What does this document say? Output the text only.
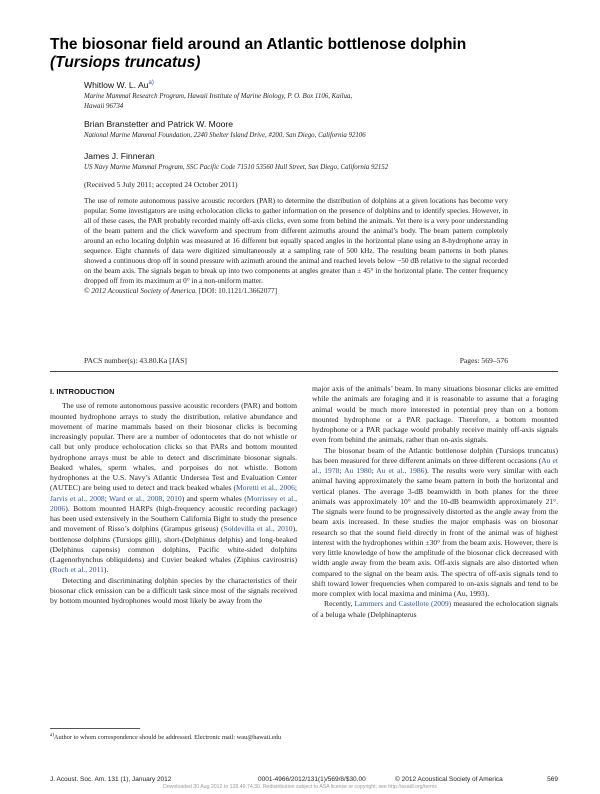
The biosonar field around an Atlantic bottlenose dolphin
(Tursiops truncatus)
Whitlow W. L. Au$^{a)}$
Marine Mammal Research Program, Hawaii Institute of Marine Biology, P. O. Box 1106, Kailua,
Hawaii 96734
Brian Branstetter and Patrick W. Moore
National Marine Mammal Foundation, 2240 Shelter Island Drive, #200, San Diego, California 92106
James J. Finneran
US Navy Marine Mammal Program, SSC Pacific Code 71510 53560 Hull Street, San Diego, California 92152
(Received 5 July 2011; accepted 24 October 2011)
The use of remote autonomous passive acoustic recorders (PAR) to determine the distribution of dolphins at a given locations has become very popular. Some investigators are using echolocation clicks to gather information on the presence of dolphins and to identify species. However, in all of these cases, the PAR probably recorded mainly off-axis clicks, even some from behind the animals. Yet there is a very poor understanding of the beam pattern and the click waveform and spectrum from different azimuths around the animal’s body. The beam pattern completely around an echo locating dolphin was measured at 16 different but equally spaced angles in the horizontal plane using an 8-hydrophone array in sequence. Eight channels of data were digitized simultaneously at a sampling rate of 500 kHz. The resulting beam patterns in both planes showed a continuous drop off in sound pressure with azimuth around the animal and reached levels below −50 dB relative to the signal recorded on the beam axis. The signals began to break up into two components at angles greater than ± 45° in the horizontal plane. The center frequency dropped off from its maximum at 0° in a non-uniform matter.
© 2012 Acoustical Society of America. [DOI: 10.1121/1.3662077]
PACS number(s): 43.80.Ka [JAS]	Pages: 569–576

I. INTRODUCTION

The use of remote autonomous passive acoustic recorders (PAR) and bottom mounted hydrophone arrays to study the distribution, relative abundance and movement of marine mammals based on their biosonar clicks is becoming increasingly popular. There are a number of odontocetes that do not whistle or call but only produce echolocation clicks so that PARs and bottom mounted hydrophone arrays must be able to detect and discriminate biosonar signals. Beaked whales, sperm whales, and porpoises do not whistle. Bottom hydrophones at the U.S. Navy’s Atlantic Undersea Test and Evaluation Center (AUTEC) are being used to detect and track beaked whales (Moretti et al., 2006; Jarvis et al., 2008; Ward et al., 2008, 2010) and sperm whales (Morrissey et al., 2006). Bottom mounted HARPs (high-frequency acoustic recording package) has been used extensively in the Southern California Bight to study the presence and movement of Risso’s dolphins (Grampus griseus) (Soldevilla et al., 2010), bottlenose dolphins (Tursiops gilli), short-(Delphinus delphis) and long-beaked (Delphinus capensis) common dolphins, Pacific white-sided dolphins (Lagenorhynchus obliquidens) and Cuvier beaked whales (Ziphius cavirostris) (Roch et al., 2011).

Detecting and discriminating dolphin species by the characteristics of their biosonar click emission can be a difficult task since most of the signals received by bottom mounted hydrophones would most likely be away from the

major axis of the animals’ beam. In many situations biosonar clicks are emitted while the animals are foraging and it is reasonable to assume that a foraging animal would be much more interested in potential prey than on a bottom mounted hydrophone or a PAR package. Therefore, a bottom mounted hydrophone or a PAR package would probably receive mainly off-axis signals even from behind the animals, rather than on-axis signals.

The biosonar beam of the Atlantic bottlenose dolphin (Tursiops truncatus) has been measured for three different animals on three different occasions (Au et al., 1978; Au 1980; Au et al., 1986). The results were very similar with each animal having approximately the same beam pattern in both the horizontal and vertical planes. The average 3-dB beamwidth in both planes for the three animals was approximately 10° and the 10-dB beamwidth approximately 21°. The signals were found to be progressively distorted as the angle away from the beam axis increased. In these studies the major emphasis was on biosonar research so that the sound field directly in front of the animal was of highest interest with the hydrophones within ±30° from the beam axis. However, there is very little knowledge of how the amplitude of the biosonar click decreased with width angle away from the beam axis. Off-axis signals are also distorted when compared to the signal on the beam axis. The spectra of off-axis signals tend to shift toward lower frequencies when compared to on-axis signals and tend to be more complex with local maxima and minima (Au, 1993).

Recently, Lammers and Castellote (2009) measured the echolocation signals of a beluga whale (Delphinapterus

$^{a)}$Author to whom correspondence should be addressed. Electronic mail: wau@hawaii.edu
J. Acoust. Soc. Am. 131 (1), January 2012	0001-4966/2012/131(1)/569/8/$30.00	© 2012 Acoustical Society of America	569
Downloaded 30 Aug 2012 to 128.49.74.30. Redistribution subject to ASA license or copyright; see http://asadl.org/terms
